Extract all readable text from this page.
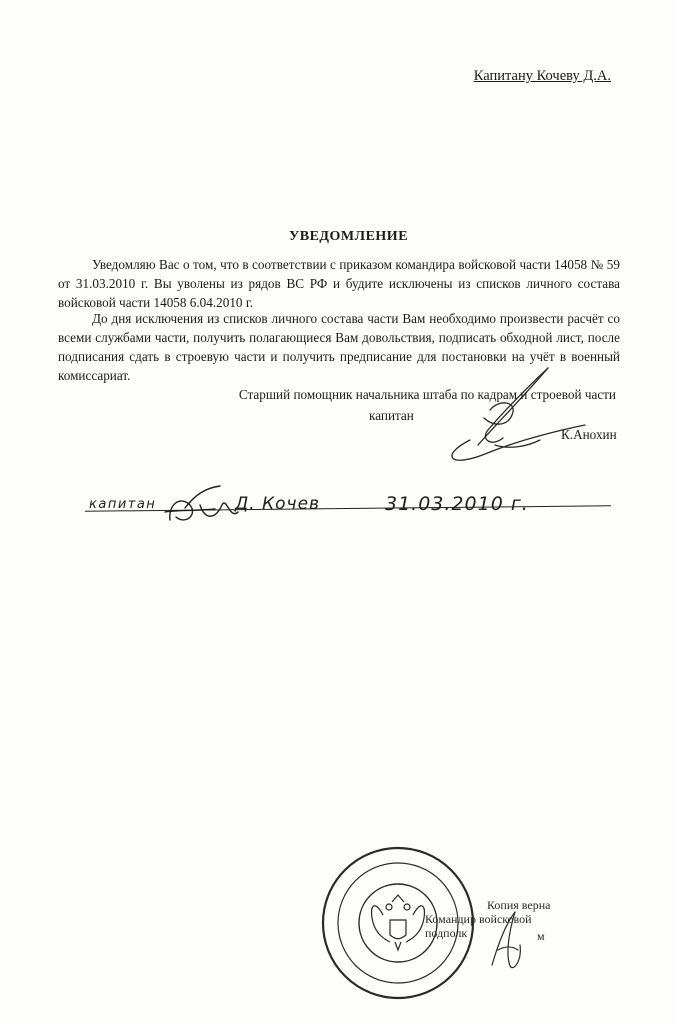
Капитану Кочеву Д.А.
УВЕДОМЛЕНИЕ

Уведомляю Вас о том, что в соответствии с приказом командира войсковой части 14058 № 59 от 31.03.2010 г. Вы уволены из рядов ВС РФ и будите исключены из списков личного состава войсковой части 14058 6.04.2010 г.

До дня исключения из списков личного состава части Вам необходимо произвести расчёт со всеми службами части, получить полагающиеся Вам довольствия, подписать обходной лист, после подписания сдать в строевую части и получить предписание для постановки на учёт в военный комиссариат.

Старший помощник начальника штаба по кадрам и строевой части
капитан
К.Анохин
капитан	Д. Кочев	31.03.2010 г.
Копия верна
Командир войсковой
подполк	м
